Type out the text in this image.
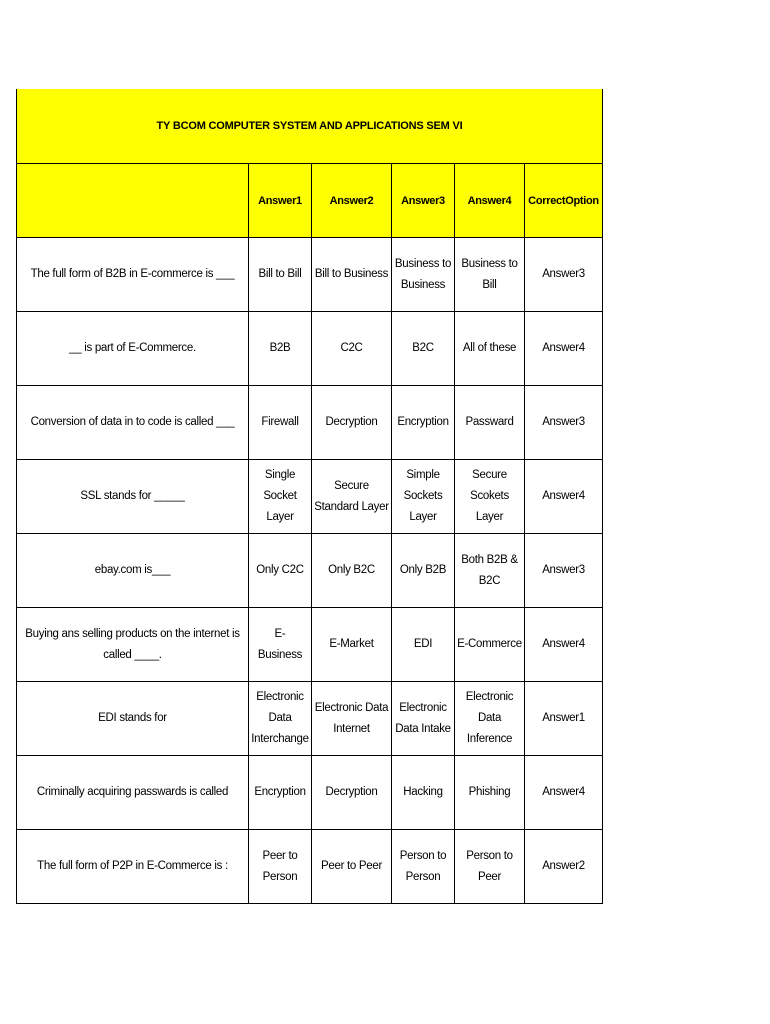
TY BCOM COMPUTER SYSTEM AND APPLICATIONS SEM VI					
	Answer1	Answer2	Answer3	Answer4	CorrectOption
The full form of B2B in E-commerce is ___	Bill to Bill	Bill to Business	Business to Business	Business to Bill	Answer3
__ is part of E-Commerce.	B2B	C2C	B2C	All of these	Answer4
Conversion of data in to code is called ___	Firewall	Decryption	Encryption	Passward	Answer3
SSL stands for _____	Single Socket Layer	Secure Standard Layer	Simple Sockets Layer	Secure Scokets Layer	Answer4
ebay.com is___	Only C2C	Only B2C	Only B2B	Both B2B & B2C	Answer3
Buying ans selling products on the internet is called ____.	E- Business	E-Market	EDI	E-Commerce	Answer4
EDI stands for	Electronic Data Interchange	Electronic Data Internet	Electronic Data Intake	Electronic Data Inference	Answer1
Criminally acquiring passwards is called	Encryption	Decryption	Hacking	Phishing	Answer4
The full form of P2P in E-Commerce is :	Peer to Person	Peer to Peer	Person to Person	Person to Peer	Answer2
